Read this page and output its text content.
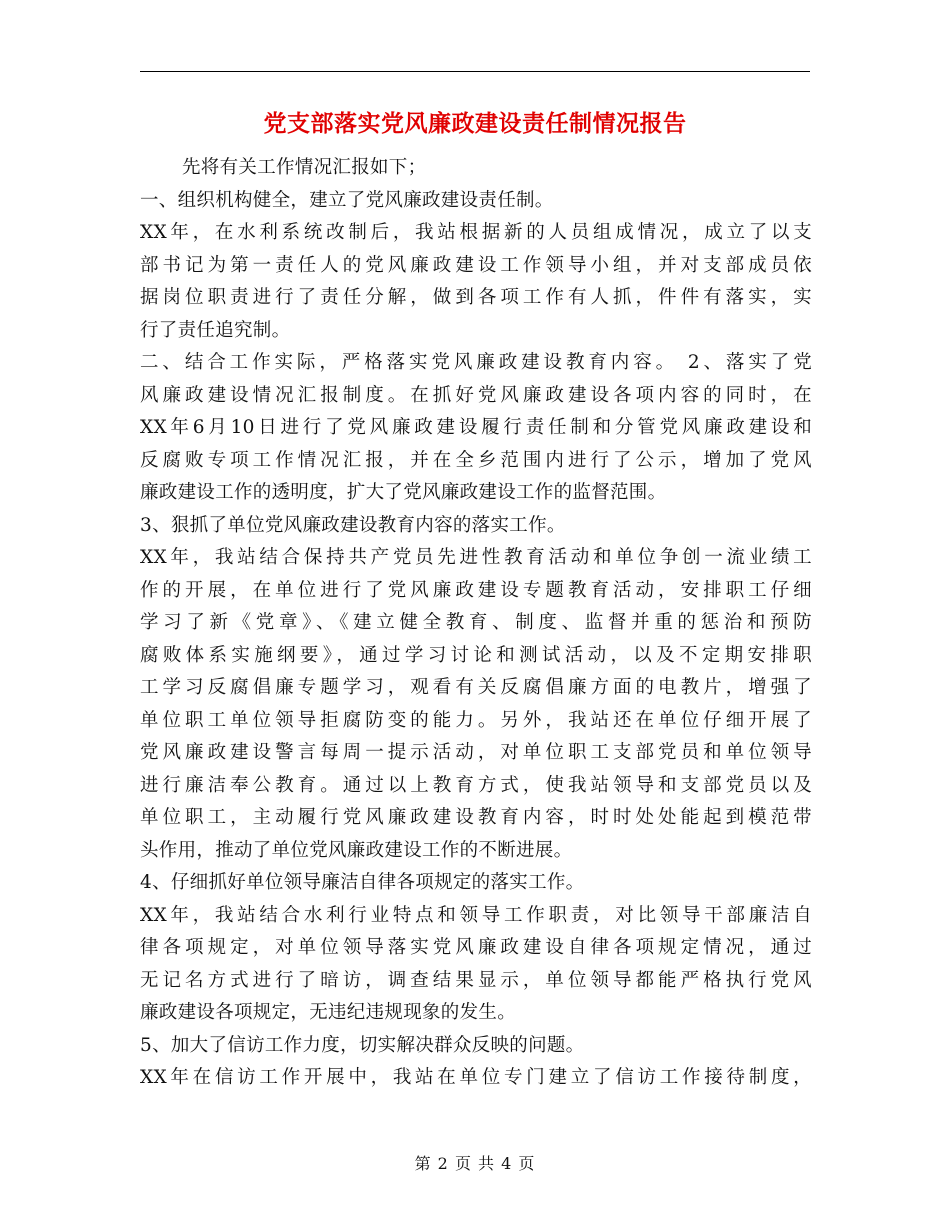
党支部落实党风廉政建设责任制情况报告
先将有关工作情况汇报如下；
一、组织机构健全，建立了党风廉政建设责任制。
XX年，在水利系统改制后，我站根据新的人员组成情况，成立了以支
部书记为第一责任人的党风廉政建设工作领导小组，并对支部成员依
据岗位职责进行了责任分解，做到各项工作有人抓，件件有落实，实
行了责任追究制。
二、结合工作实际，严格落实党风廉政建设教育内容。 2、落实了党
风廉政建设情况汇报制度。在抓好党风廉政建设各项内容的同时，在
XX年6月10日进行了党风廉政建设履行责任制和分管党风廉政建设和
反腐败专项工作情况汇报，并在全乡范围内进行了公示，增加了党风
廉政建设工作的透明度，扩大了党风廉政建设工作的监督范围。
3、狠抓了单位党风廉政建设教育内容的落实工作。
XX年，我站结合保持共产党员先进性教育活动和单位争创一流业绩工
作的开展，在单位进行了党风廉政建设专题教育活动，安排职工仔细
学习了新《党章》、《建立健全教育、制度、监督并重的惩治和预防
腐败体系实施纲要》，通过学习讨论和测试活动，以及不定期安排职
工学习反腐倡廉专题学习，观看有关反腐倡廉方面的电教片，增强了
单位职工单位领导拒腐防变的能力。另外，我站还在单位仔细开展了
党风廉政建设警言每周一提示活动，对单位职工支部党员和单位领导
进行廉洁奉公教育。通过以上教育方式，使我站领导和支部党员以及
单位职工，主动履行党风廉政建设教育内容，时时处处能起到模范带
头作用，推动了单位党风廉政建设工作的不断进展。
4、仔细抓好单位领导廉洁自律各项规定的落实工作。
XX年，我站结合水利行业特点和领导工作职责，对比领导干部廉洁自
律各项规定，对单位领导落实党风廉政建设自律各项规定情况，通过
无记名方式进行了暗访，调查结果显示，单位领导都能严格执行党风
廉政建设各项规定，无违纪违规现象的发生。
5、加大了信访工作力度，切实解决群众反映的问题。
XX年在信访工作开展中，我站在单位专门建立了信访工作接待制度，
第 2 页 共 4 页
